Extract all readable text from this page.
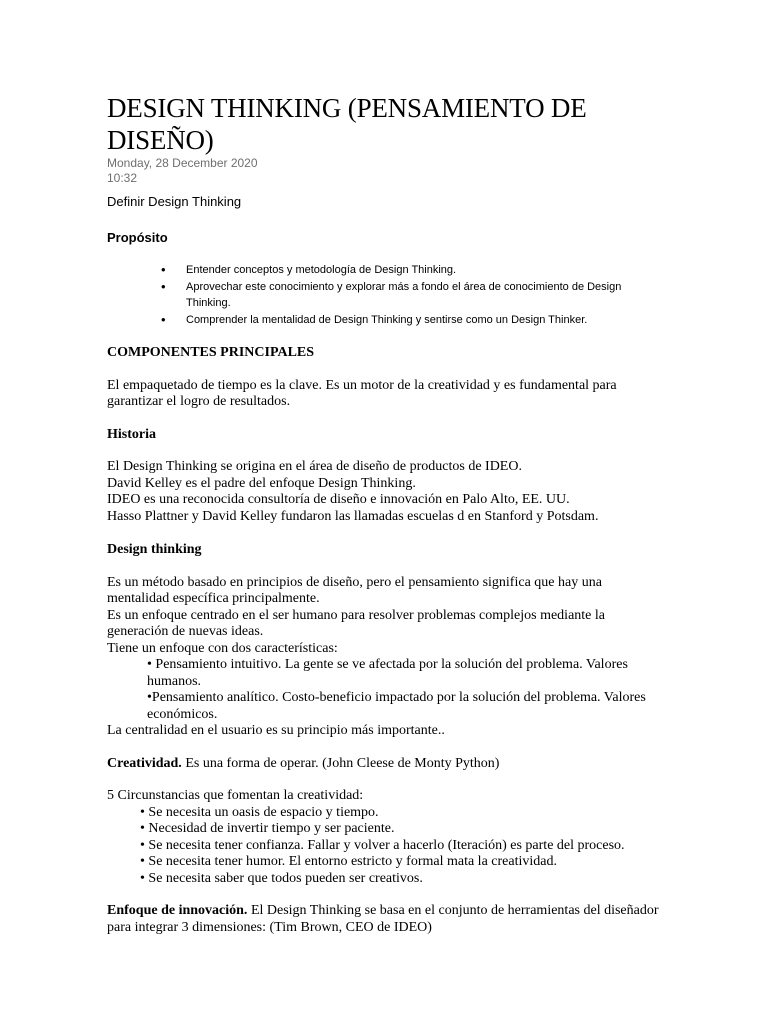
DESIGN THINKING (PENSAMIENTO DE DISEÑO)
Monday, 28 December 2020
10:32
Definir Design Thinking
Propósito
• Entender conceptos y metodología de Design Thinking.
• Aprovechar este conocimiento y explorar más a fondo el área de conocimiento de Design Thinking.
• Comprender la mentalidad de Design Thinking y sentirse como un Design Thinker.
COMPONENTES PRINCIPALES
El empaquetado de tiempo es la clave. Es un motor de la creatividad y es fundamental para garantizar el logro de resultados.
Historia
El Design Thinking se origina en el área de diseño de productos de IDEO.
David Kelley es el padre del enfoque Design Thinking.
IDEO es una reconocida consultoría de diseño e innovación en Palo Alto, EE. UU.
Hasso Plattner y David Kelley fundaron las llamadas escuelas d en Stanford y Potsdam.
Design thinking
Es un método basado en principios de diseño, pero el pensamiento significa que hay una mentalidad específica principalmente.
Es un enfoque centrado en el ser humano para resolver problemas complejos mediante la generación de nuevas ideas.
Tiene un enfoque con dos características:
• Pensamiento intuitivo. La gente se ve afectada por la solución del problema. Valores humanos.
•Pensamiento analítico. Costo-beneficio impactado por la solución del problema. Valores económicos.
La centralidad en el usuario es su principio más importante..
Creatividad. Es una forma de operar. (John Cleese de Monty Python)
5 Circunstancias que fomentan la creatividad:
• Se necesita un oasis de espacio y tiempo.
• Necesidad de invertir tiempo y ser paciente.
• Se necesita tener confianza. Fallar y volver a hacerlo (Iteración) es parte del proceso.
• Se necesita tener humor. El entorno estricto y formal mata la creatividad.
• Se necesita saber que todos pueden ser creativos.
Enfoque de innovación. El Design Thinking se basa en el conjunto de herramientas del diseñador para integrar 3 dimensiones: (Tim Brown, CEO de IDEO)
